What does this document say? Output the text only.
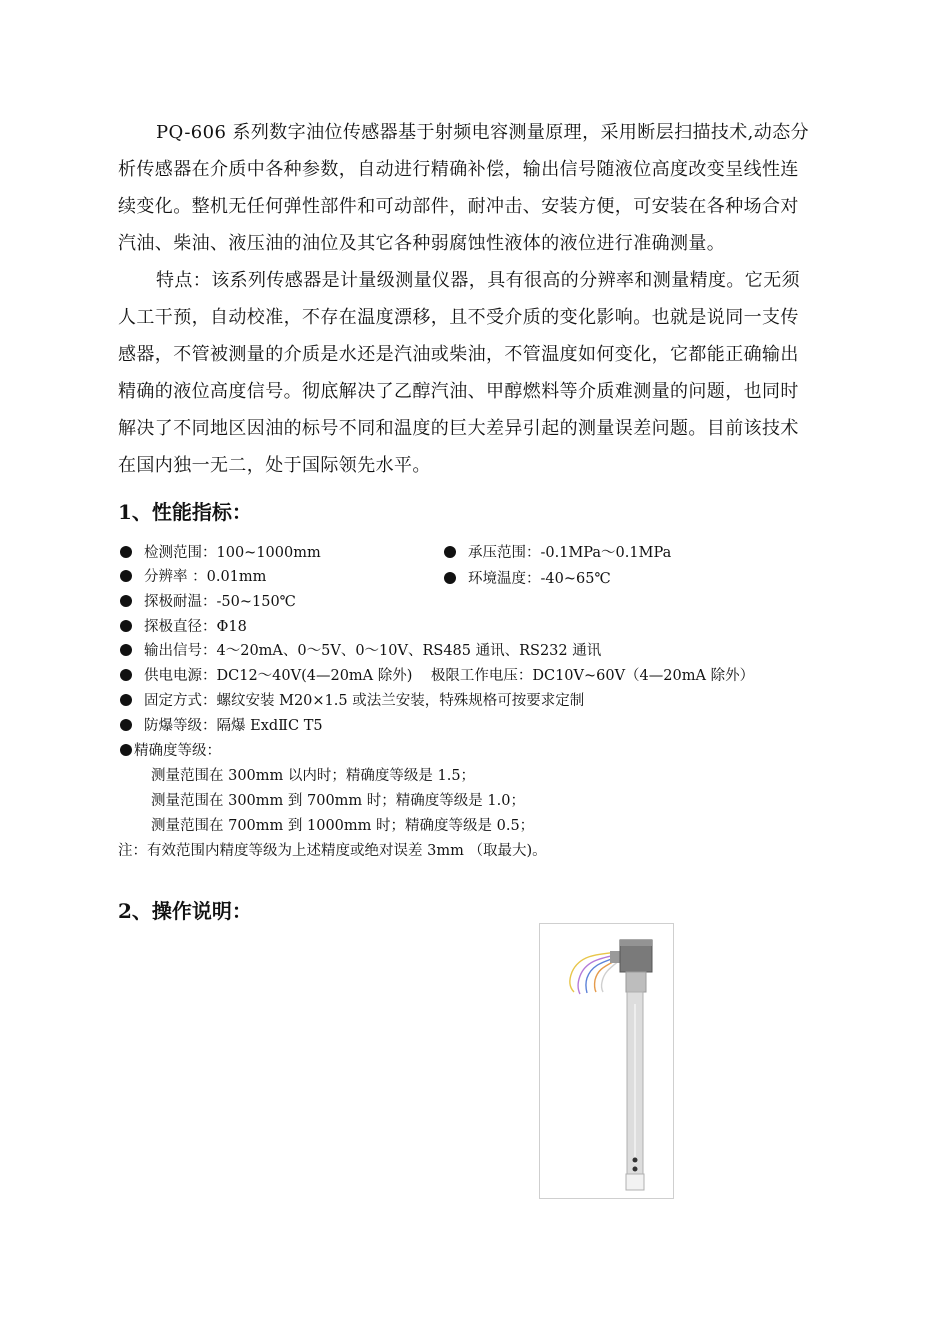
PQ-606 系列数字油位传感器基于射频电容测量原理，采用断层扫描技术,动态分
析传感器在介质中各种参数，自动进行精确补偿，输出信号随液位高度改变呈线性连
续变化。整机无任何弹性部件和可动部件，耐冲击、安装方便，可安装在各种场合对
汽油、柴油、液压油的油位及其它各种弱腐蚀性液体的液位进行准确测量。
特点：该系列传感器是计量级测量仪器，具有很高的分辨率和测量精度。它无须
人工干预，自动校准，不存在温度漂移，且不受介质的变化影响。也就是说同一支传
感器，不管被测量的介质是水还是汽油或柴油，不管温度如何变化，它都能正确输出
精确的液位高度信号。彻底解决了乙醇汽油、甲醇燃料等介质难测量的问题，也同时
解决了不同地区因油的标号不同和温度的巨大差异引起的测量误差问题。目前该技术
在国内独一无二，处于国际领先水平。
1、性能指标：
检测范围：100~1000mm	承压范围：-0.1MPa～0.1MPa
分辨率 ：0.01mm	环境温度：-40~65℃
探极耐温：-50~150℃
探极直径：Φ18
输出信号：4～20mA、0～5V、0～10V、RS485 通讯、RS232 通讯
供电电源：DC12～40V(4—20mA 除外)    极限工作电压：DC10V~60V（4—20mA 除外）
固定方式：螺纹安装 M20×1.5 或法兰安装，特殊规格可按要求定制
防爆等级：隔爆 ExdⅡC T5
精确度等级：
测量范围在 300mm 以内时；精确度等级是 1.5；
测量范围在 300mm 到 700mm 时；精确度等级是 1.0；
测量范围在 700mm 到 1000mm 时；精确度等级是 0.5；
注：有效范围内精度等级为上述精度或绝对误差 3mm （取最大)。
2、操作说明：
